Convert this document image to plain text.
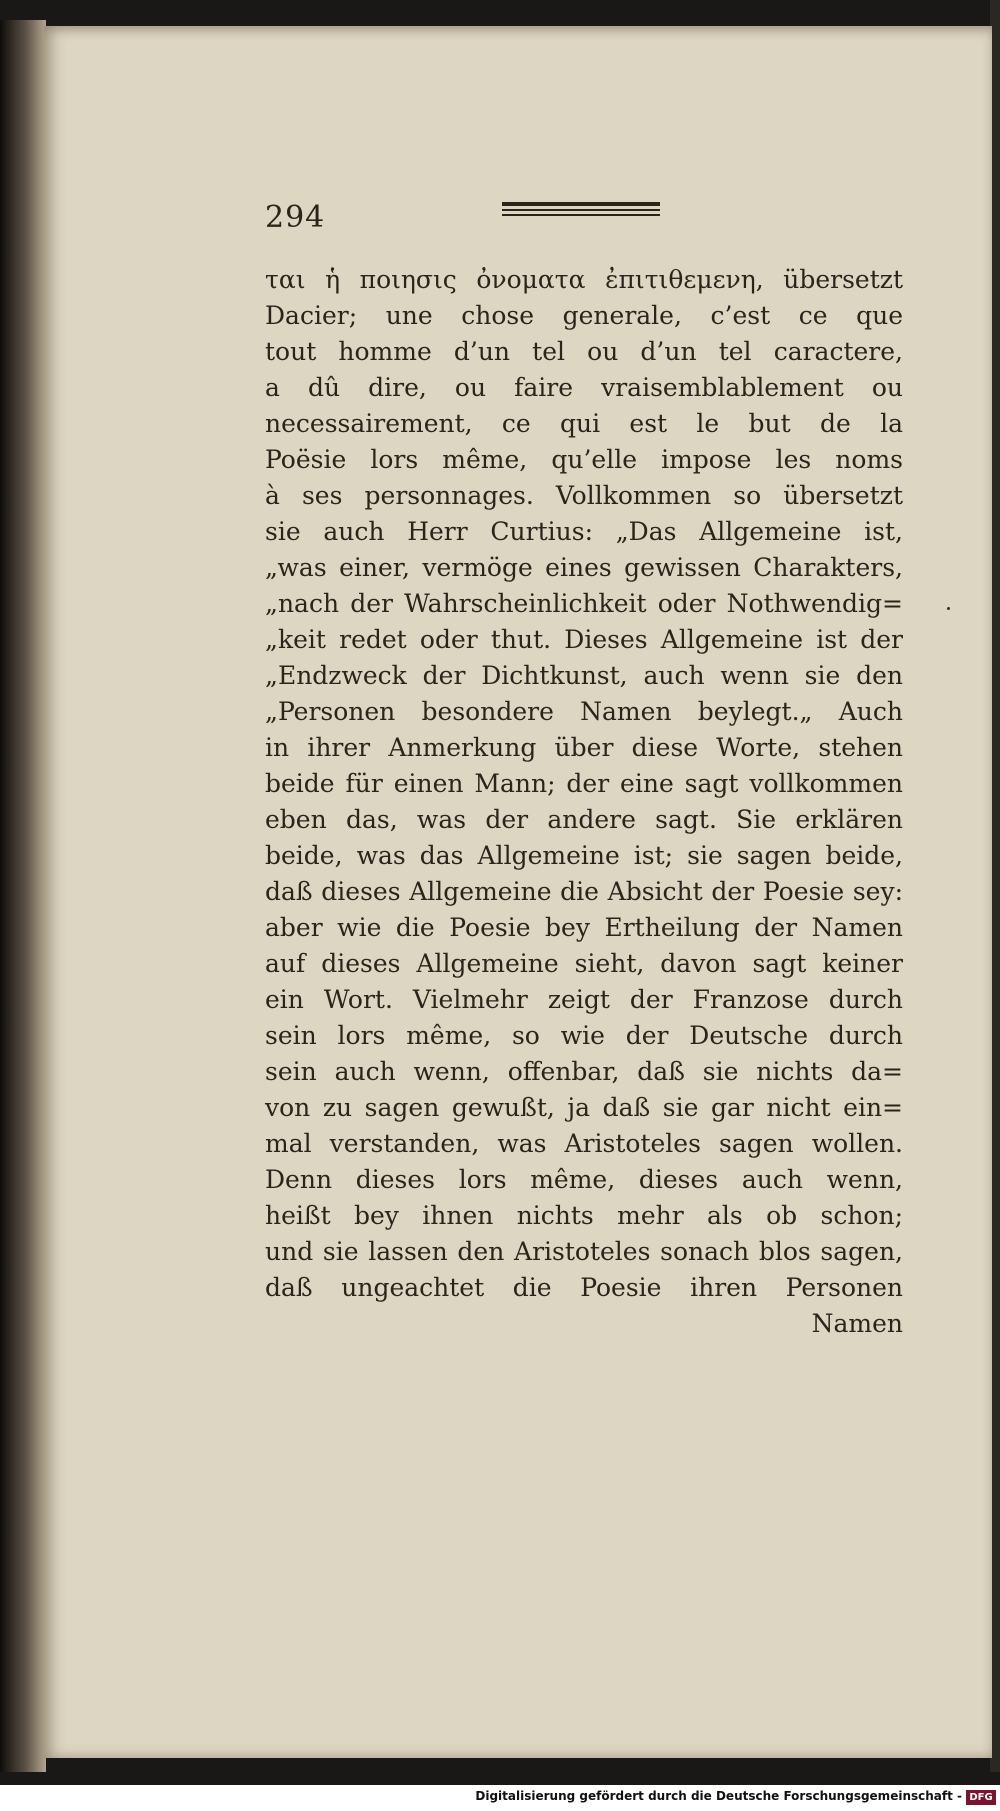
294
ται ἡ ποιησις ὀνοματα ἐπιτιθεμενη, übersetzt
Dacier; une chose generale, c’est ce que
tout homme d’un tel ou d’un tel caractere,
a dû dire, ou faire vraisemblablement ou
necessairement, ce qui est le but de la
Poësie lors même, qu’elle impose les noms
à ses personnages. Vollkommen so übersetzt
sie auch Herr Curtius: „Das Allgemeine ist,
„was einer, vermöge eines gewissen Charakters,
„nach der Wahrscheinlichkeit oder Nothwendig=
„keit redet oder thut. Dieses Allgemeine ist der
„Endzweck der Dichtkunst, auch wenn sie den
„Personen besondere Namen beylegt.„ Auch
in ihrer Anmerkung über diese Worte, stehen
beide für einen Mann; der eine sagt vollkommen
eben das, was der andere sagt. Sie erklären
beide, was das Allgemeine ist; sie sagen beide,
daß dieses Allgemeine die Absicht der Poesie sey:
aber wie die Poesie bey Ertheilung der Namen
auf dieses Allgemeine sieht, davon sagt keiner
ein Wort. Vielmehr zeigt der Franzose durch
sein lors même, so wie der Deutsche durch
sein auch wenn, offenbar, daß sie nichts da=
von zu sagen gewußt, ja daß sie gar nicht ein=
mal verstanden, was Aristoteles sagen wollen.
Denn dieses lors même, dieses auch wenn,
heißt bey ihnen nichts mehr als ob schon;
und sie lassen den Aristoteles sonach blos sagen,
daß ungeachtet die Poesie ihren Personen
Namen
Digitalisierung gefördert durch die Deutsche Forschungsgemeinschaft - DFG
